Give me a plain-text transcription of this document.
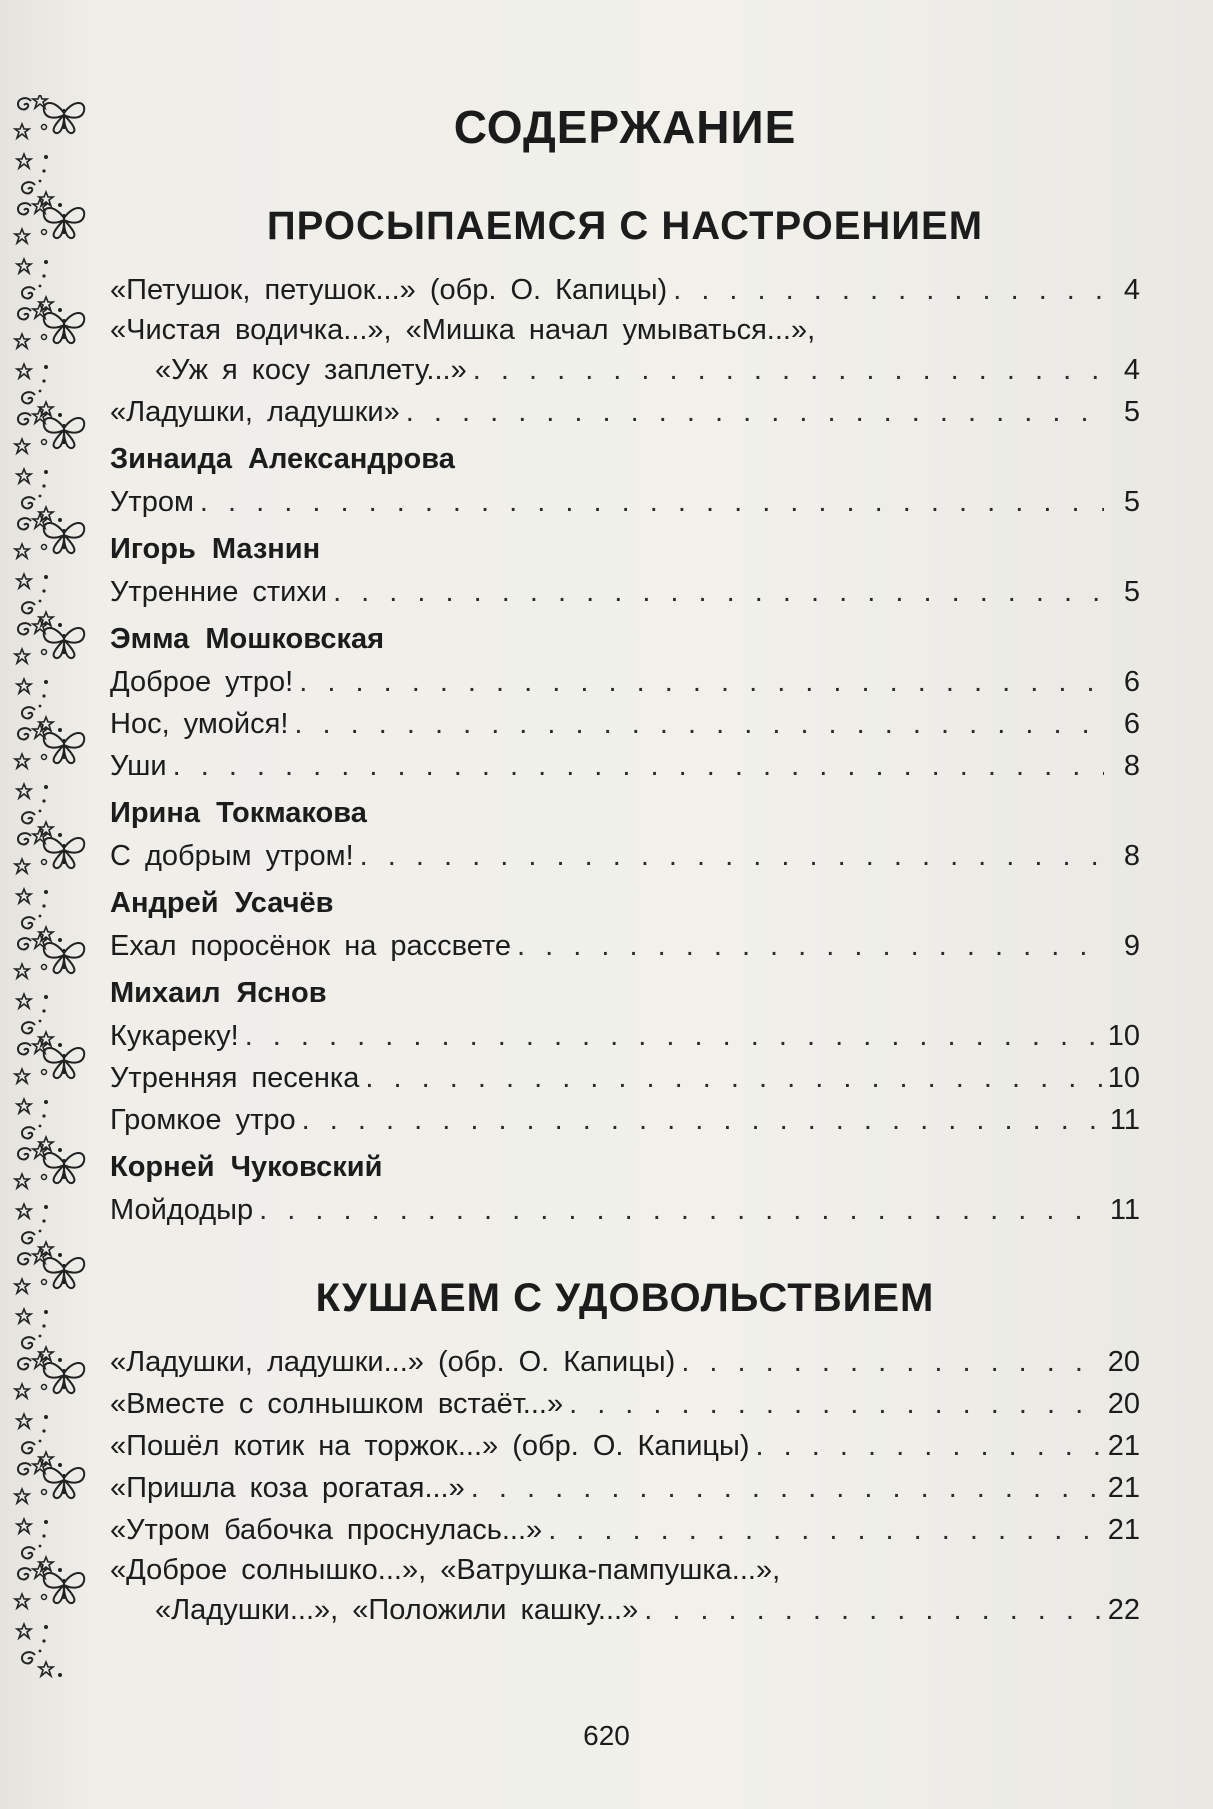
СОДЕРЖАНИЕ
ПРОСЫПАЕМСЯ С НАСТРОЕНИЕМ
«Петушок, петушок...» (обр. О. Капицы) . . .	4
«Чистая водичка...», «Мишка начал умываться...»,
«Уж я косу заплету...» . . .	4
«Ладушки, ладушки» . . .	5
Зинаида Александрова
Утром . . .	5
Игорь Мазнин
Утренние стихи . . .	5
Эмма Мошковская
Доброе утро! . . .	6
Нос, умойся! . . .	6
Уши . . .	8
Ирина Токмакова
С добрым утром! . . .	8
Андрей Усачёв
Ехал поросёнок на рассвете . . .	9
Михаил Яснов
Кукареку! . . .	10
Утренняя песенка . . .	10
Громкое утро . . .	11
Корней Чуковский
Мойдодыр . . .	11
КУШАЕМ С УДОВОЛЬСТВИЕМ
«Ладушки, ладушки...» (обр. О. Капицы) . . .	20
«Вместе с солнышком встаёт...» . . .	20
«Пошёл котик на торжок...» (обр. О. Капицы) . . .	21
«Пришла коза рогатая...» . . .	21
«Утром бабочка проснулась...» . . .	21
«Доброе солнышко...», «Ватрушка-пампушка...»,
«Ладушки...», «Положили кашку...» . . .	22
620
